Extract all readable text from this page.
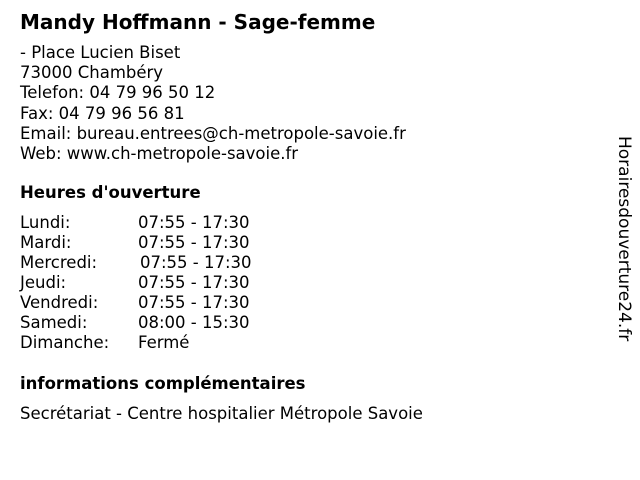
Mandy Hoffmann - Sage-femme
- Place Lucien Biset
73000 Chambéry
Telefon: 04 79 96 50 12
Fax: 04 79 96 56 81
Email: bureau.entrees@ch-metropole-savoie.fr
Web: www.ch-metropole-savoie.fr
Heures d'ouverture
Lundi:	07:55 - 17:30
Mardi:	07:55 - 17:30
Mercredi:	07:55 - 17:30
Jeudi:	07:55 - 17:30
Vendredi: 07:55 - 17:30
Samedi:	08:00 - 15:30
Dimanche: Fermé
informations complémentaires
Secrétariat - Centre hospitalier Métropole Savoie
Horairesdouverture24.fr
